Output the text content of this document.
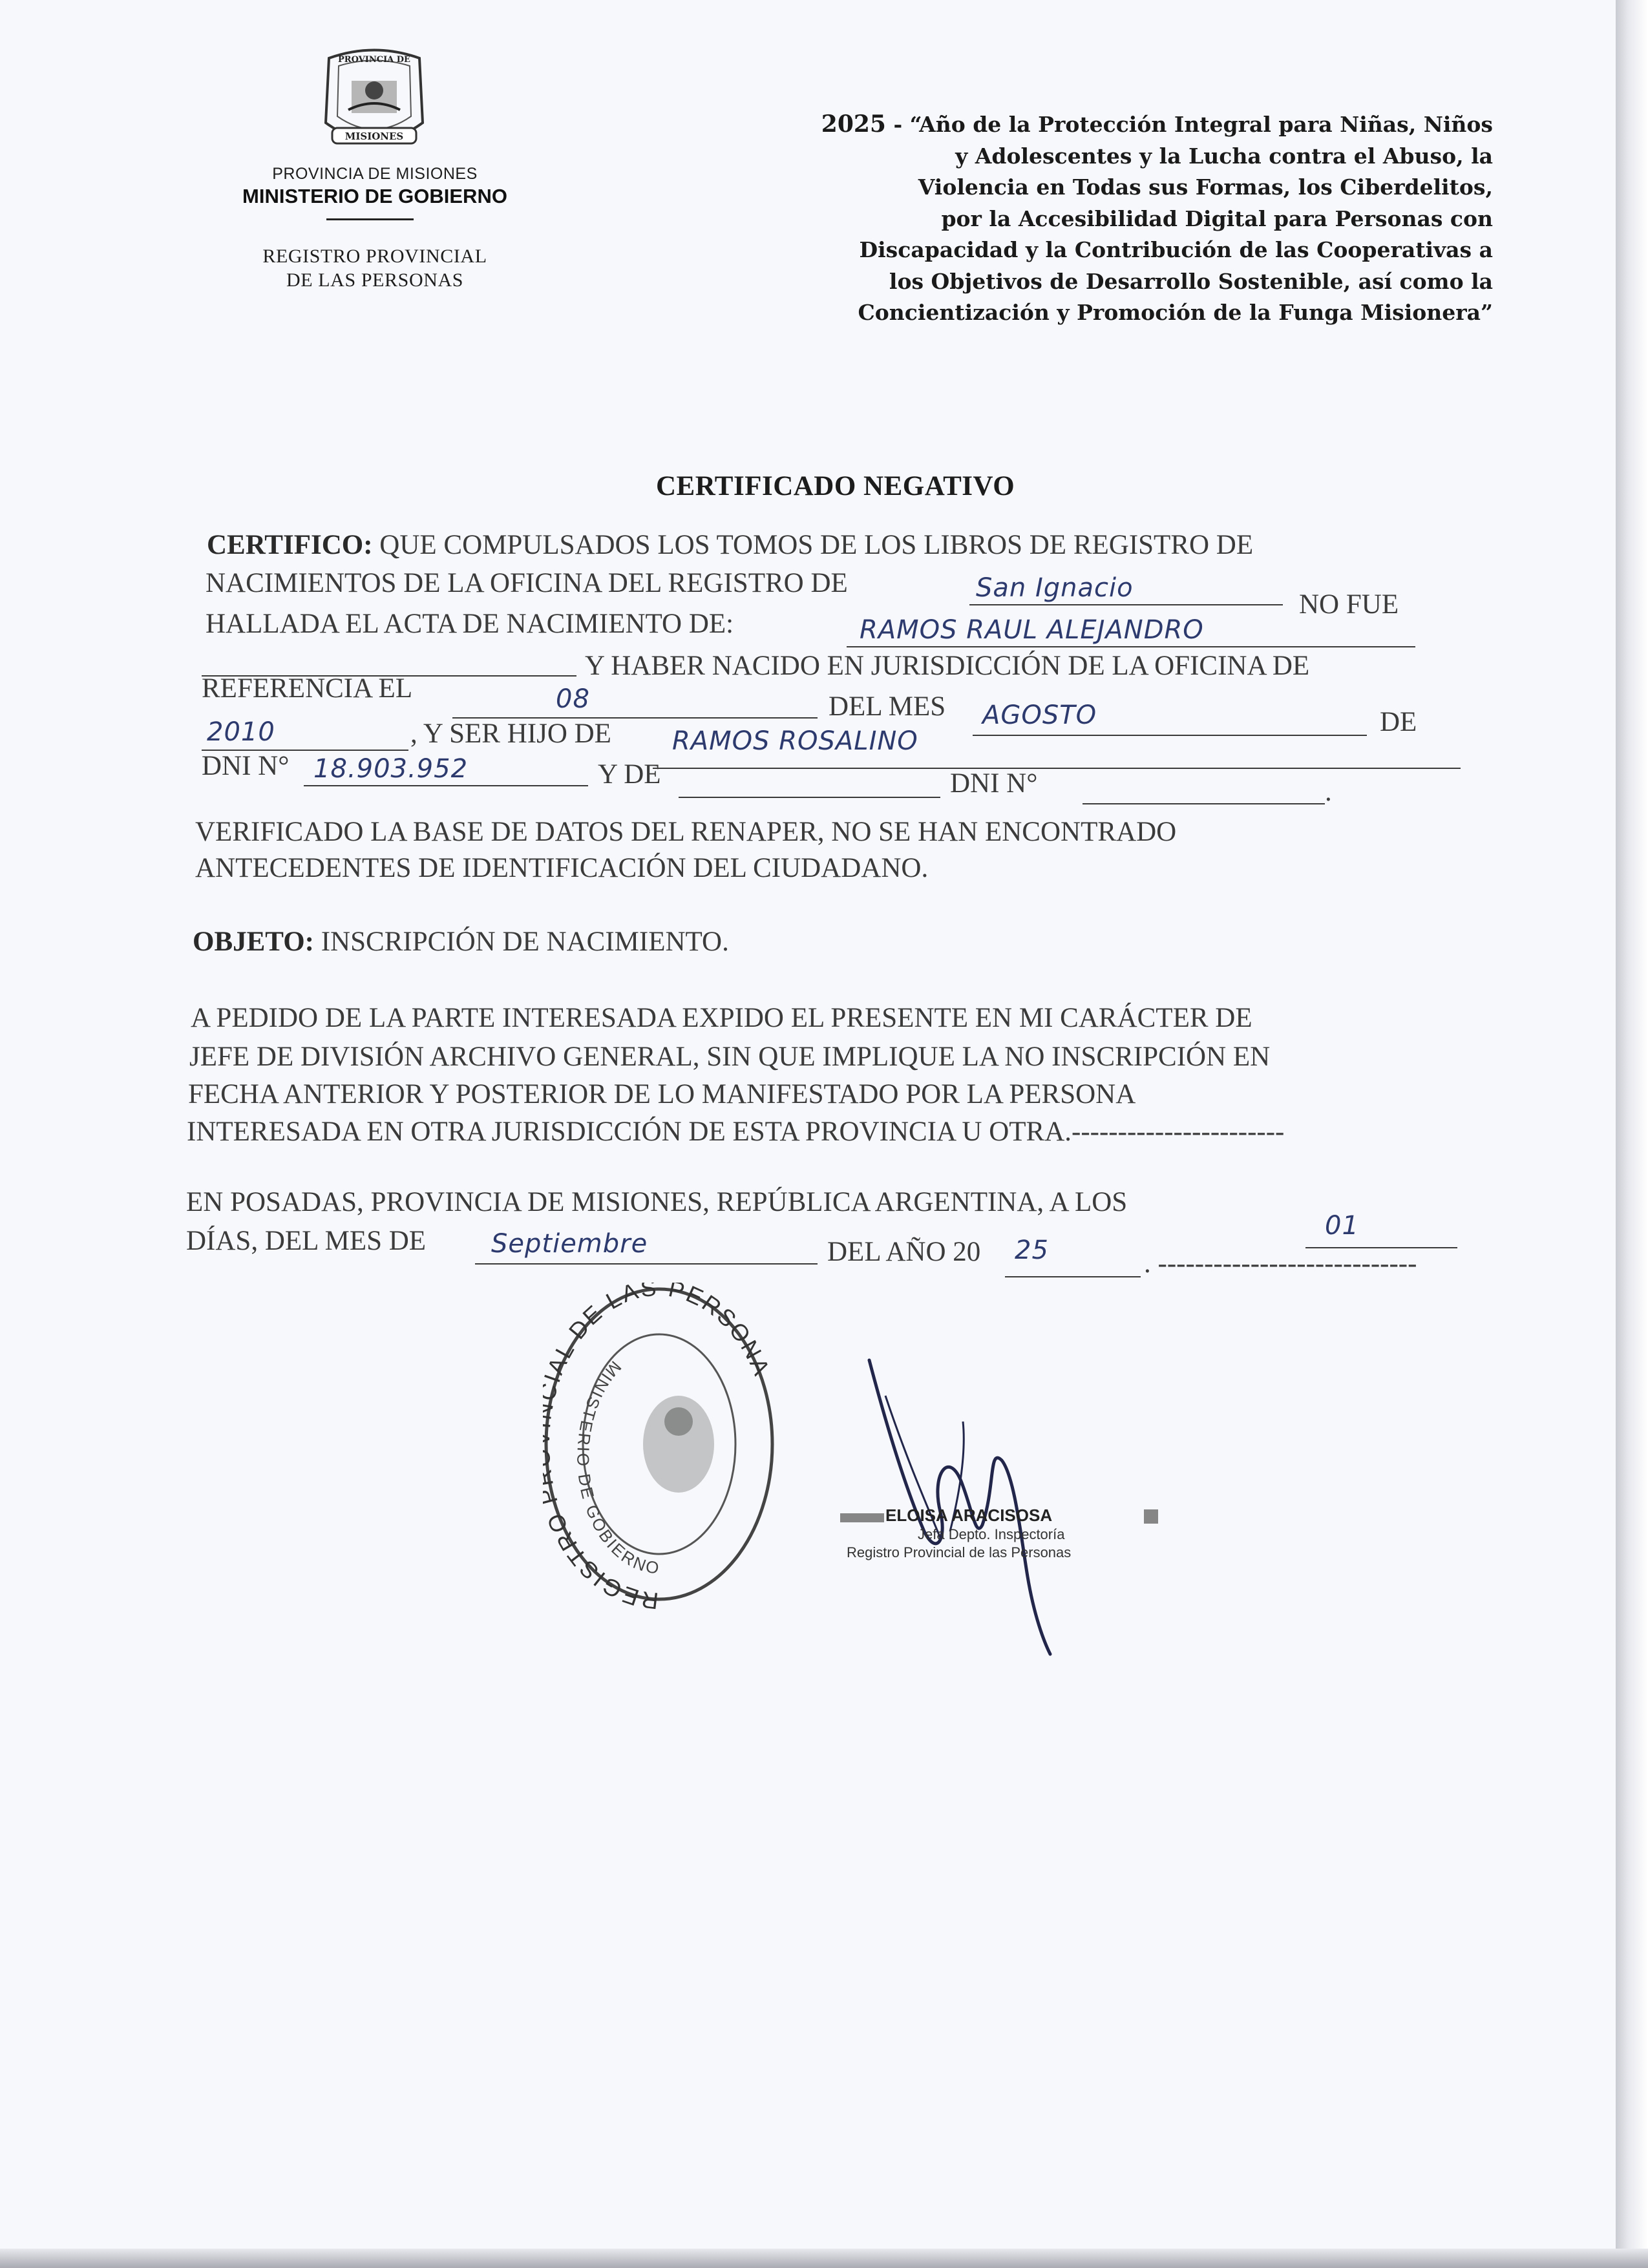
PROVINCIA DE
MISIONES
PROVINCIA DE MISIONES
MINISTERIO DE GOBIERNO
REGISTRO PROVINCIAL
DE LAS PERSONAS
2025 - “Año de la Protección Integral para Niñas, Niños
y Adolescentes y la Lucha contra el Abuso, la
Violencia en Todas sus Formas, los Ciberdelitos,
por la Accesibilidad Digital para Personas con
Discapacidad y la Contribución de las Cooperativas a
los Objetivos de Desarrollo Sostenible, así como la
Concientización y Promoción de la Funga Misionera”
CERTIFICADO NEGATIVO
CERTIFICO: QUE COMPULSADOS LOS TOMOS DE LOS LIBROS DE REGISTRO DE
NACIMIENTOS DE LA OFICINA DEL REGISTRO DE	San Ignacio
NO FUE
HALLADA EL ACTA DE NACIMIENTO DE:	RAMOS RAUL ALEJANDRO
Y HABER NACIDO EN JURISDICCIÓN DE LA OFICINA DE
REFERENCIA EL	08	DEL MES AGOSTO	DE
2010	, Y SER HIJO DE RAMOS ROSALINO
DNI N° 18.903.952	Y DE	DNI N°	.
VERIFICADO LA BASE DE DATOS DEL RENAPER, NO SE HAN ENCONTRADO
ANTECEDENTES DE IDENTIFICACIÓN DEL CIUDADANO.
OBJETO: INSCRIPCIÓN DE NACIMIENTO.
A PEDIDO DE LA PARTE INTERESADA EXPIDO EL PRESENTE EN MI CARÁCTER DE
JEFE DE DIVISIÓN ARCHIVO GENERAL, SIN QUE IMPLIQUE LA NO INSCRIPCIÓN EN
FECHA ANTERIOR Y POSTERIOR DE LO MANIFESTADO POR LA PERSONA
INTERESADA EN OTRA JURISDICCIÓN DE ESTA PROVINCIA U OTRA.-----------------------
EN POSADAS, PROVINCIA DE MISIONES, REPÚBLICA ARGENTINA, A LOS
01
DÍAS, DEL MES DE	Septiembre	DEL AÑO 20 25	. ----------------------------
REGISTRO AL DE LAS PERSONA
MINISTERIO DE GOBIERNO
ELOISA ARACISOSA
Jefa Depto. Inspectoría
Registro Provincial de las Personas
